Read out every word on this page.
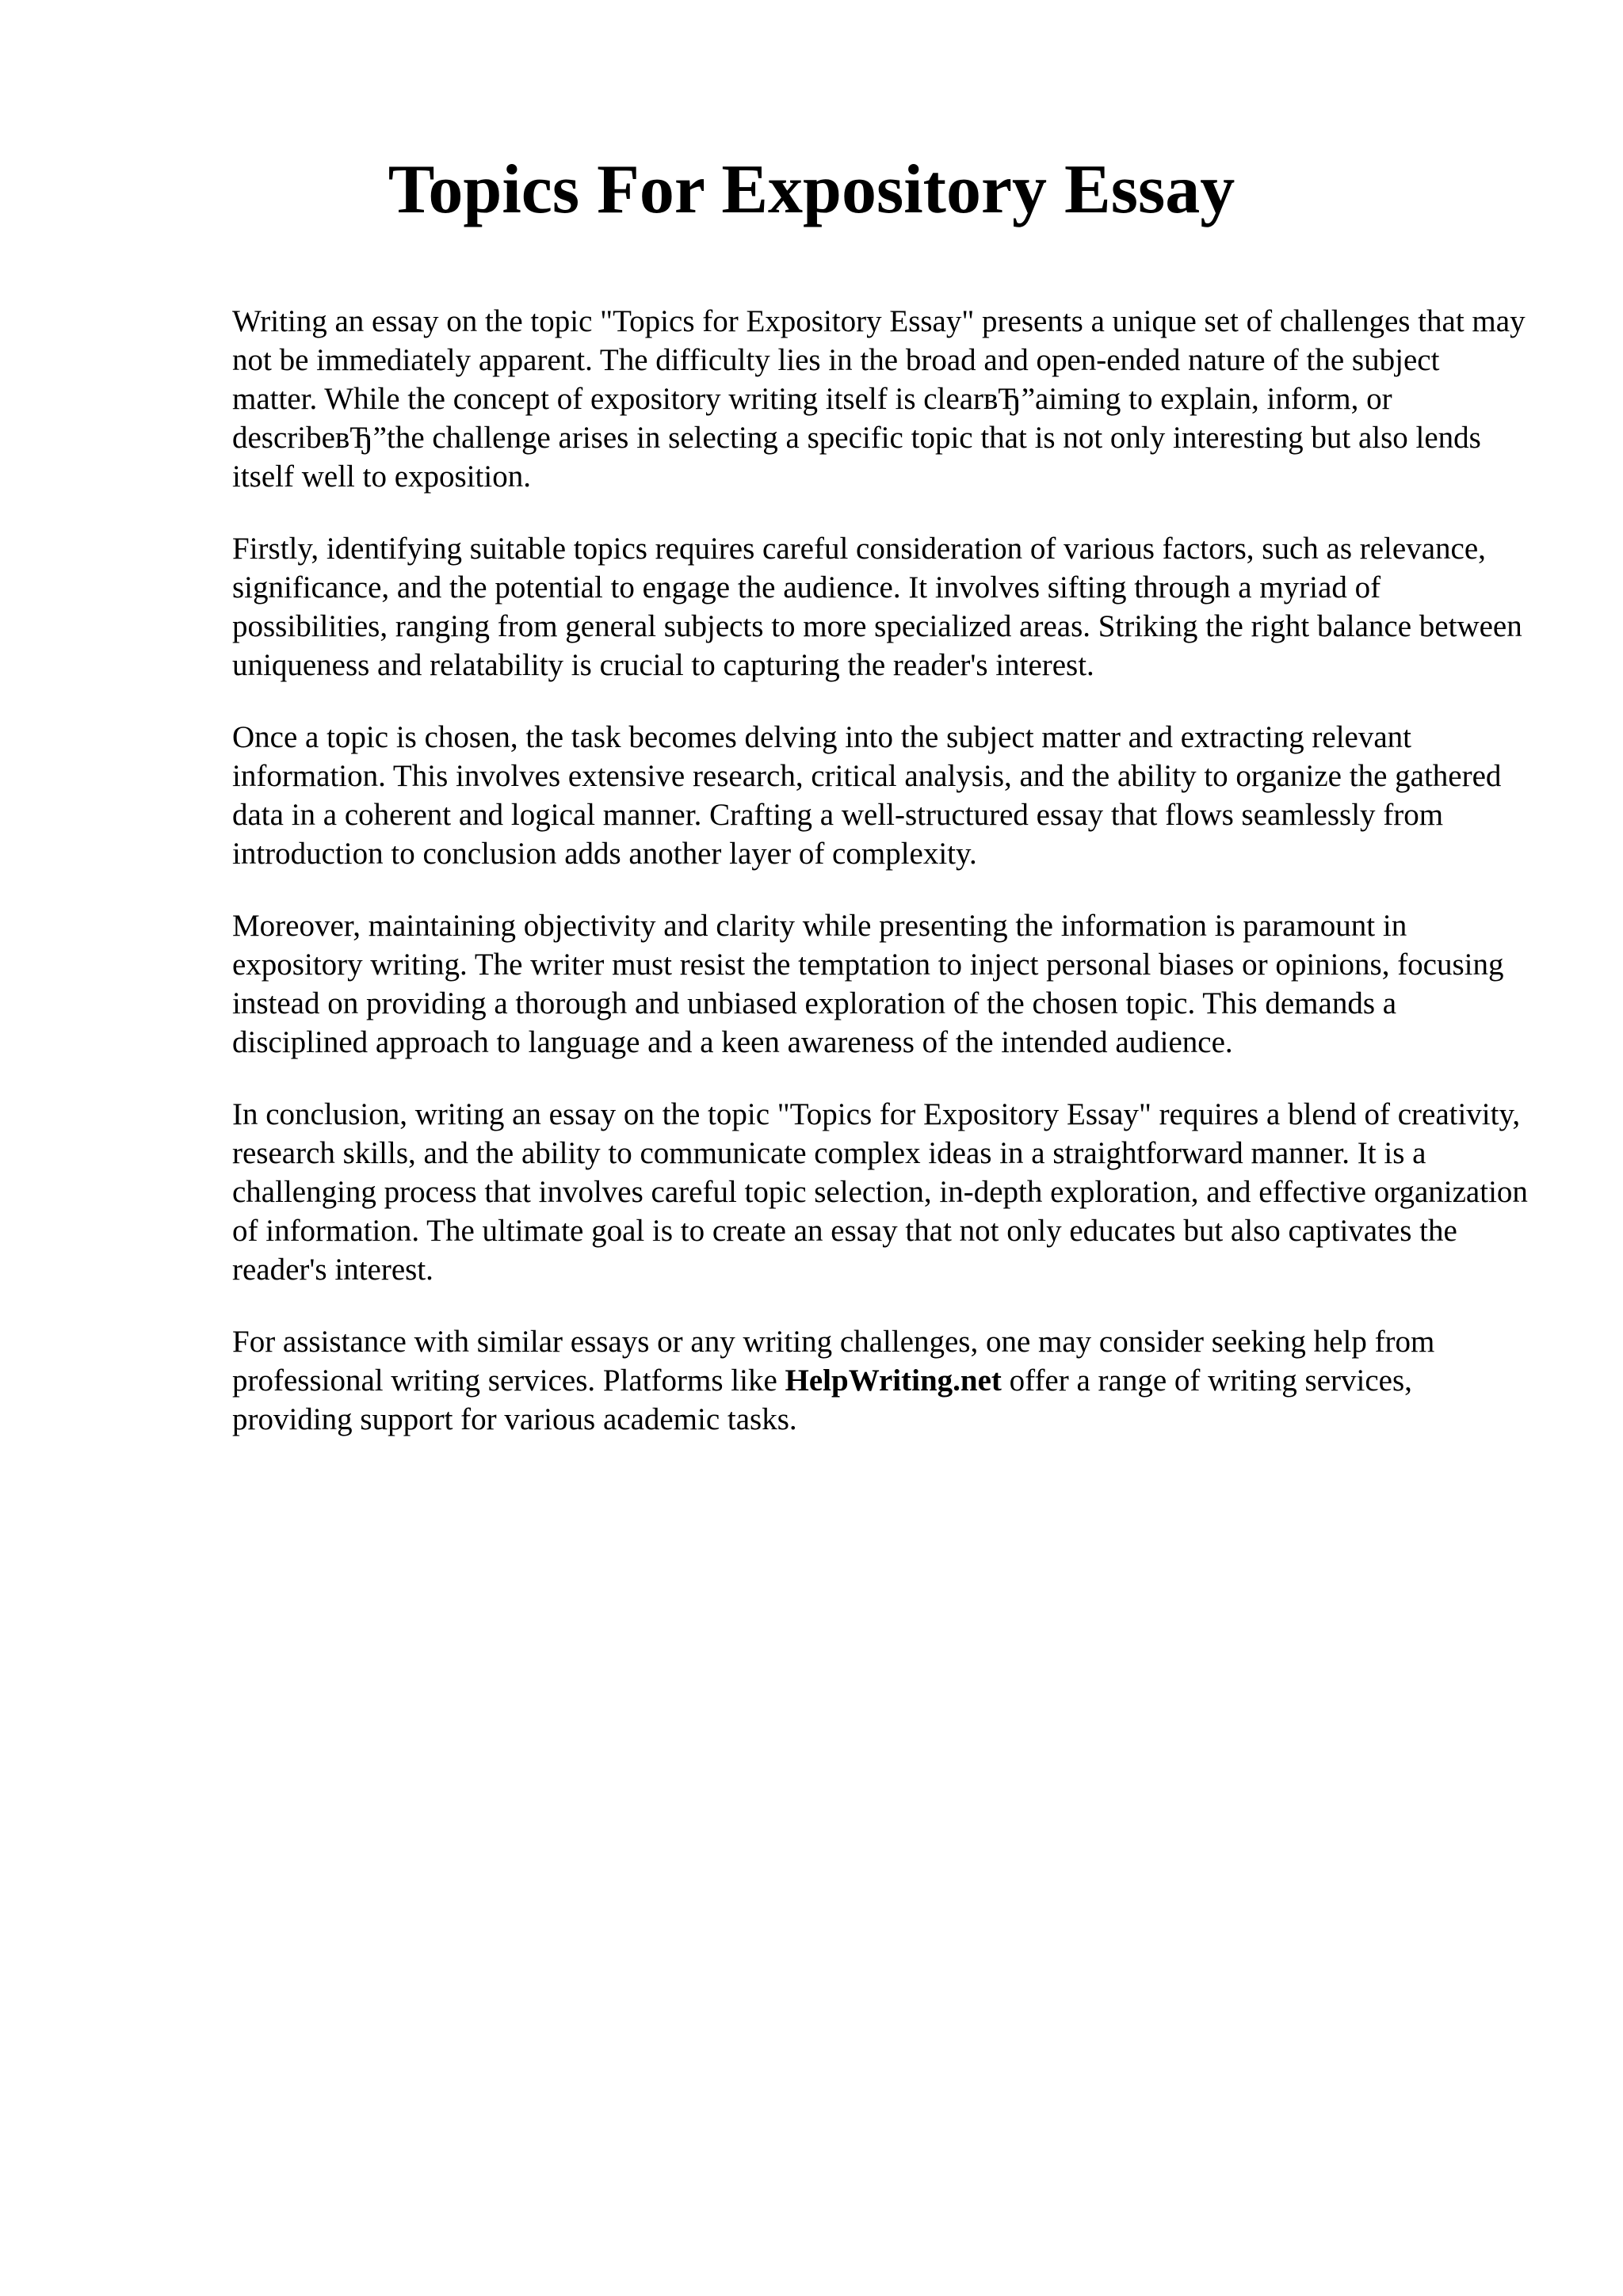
Topics For Expository Essay

Writing an essay on the topic "Topics for Expository Essay" presents a unique set of challenges that may not be immediately apparent. The difficulty lies in the broad and open-ended nature of the subject matter. While the concept of expository writing itself is clearвЂ”aiming to explain, inform, or describeвЂ”the challenge arises in selecting a specific topic that is not only interesting but also lends itself well to exposition.

Firstly, identifying suitable topics requires careful consideration of various factors, such as relevance, significance, and the potential to engage the audience. It involves sifting through a myriad of possibilities, ranging from general subjects to more specialized areas. Striking the right balance between uniqueness and relatability is crucial to capturing the reader's interest.

Once a topic is chosen, the task becomes delving into the subject matter and extracting relevant information. This involves extensive research, critical analysis, and the ability to organize the gathered data in a coherent and logical manner. Crafting a well-structured essay that flows seamlessly from introduction to conclusion adds another layer of complexity.

Moreover, maintaining objectivity and clarity while presenting the information is paramount in expository writing. The writer must resist the temptation to inject personal biases or opinions, focusing instead on providing a thorough and unbiased exploration of the chosen topic. This demands a disciplined approach to language and a keen awareness of the intended audience.

In conclusion, writing an essay on the topic "Topics for Expository Essay" requires a blend of creativity, research skills, and the ability to communicate complex ideas in a straightforward manner. It is a challenging process that involves careful topic selection, in-depth exploration, and effective organization of information. The ultimate goal is to create an essay that not only educates but also captivates the reader's interest.

For assistance with similar essays or any writing challenges, one may consider seeking help from professional writing services. Platforms like HelpWriting.net offer a range of writing services, providing support for various academic tasks.
